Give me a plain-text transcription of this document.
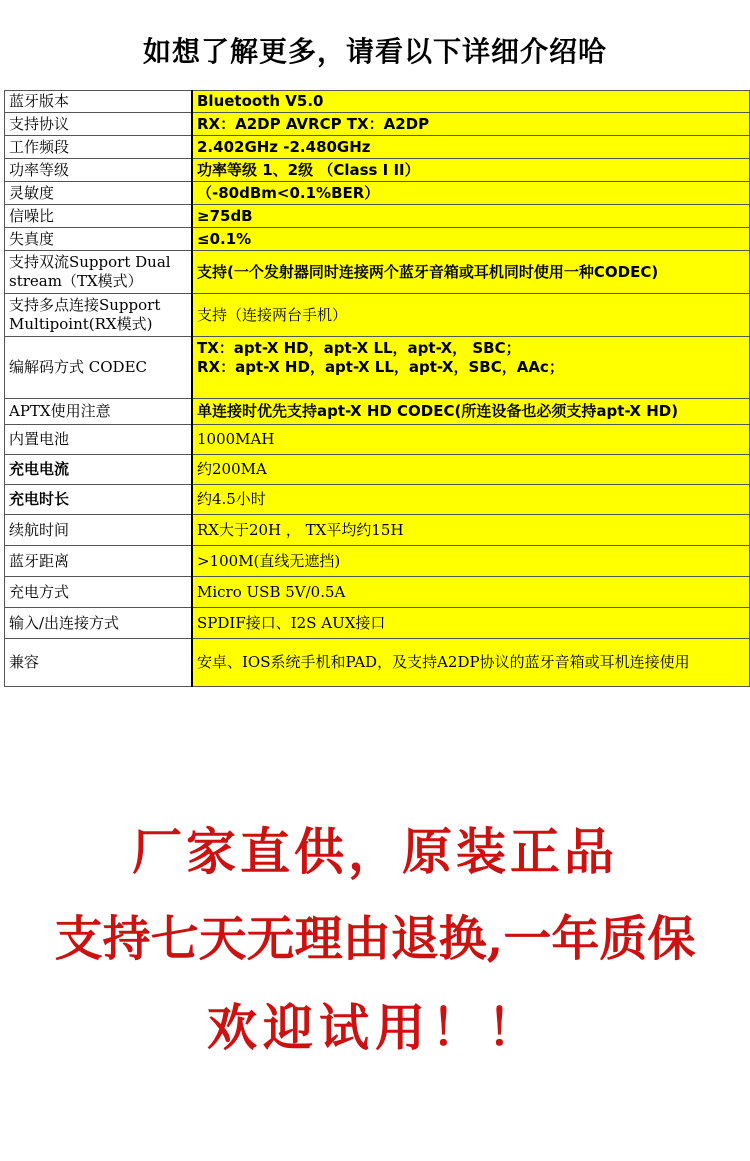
如想了解更多，请看以下详细介绍哈
蓝牙版本	Bluetooth V5.0
支持协议	RX：A2DP AVRCP TX：A2DP
工作频段	2.402GHz -2.480GHz
功率等级	功率等级 1、2级 （Class I II）
灵敏度	（-80dBm<0.1%BER）
信噪比	≥75dB
失真度	≤0.1%
支持双流Support Dual stream（TX模式）	支持(一个发射器同时连接两个蓝牙音箱或耳机同时使用一种CODEC)
支持多点连接Support Multipoint(RX模式)	支持（连接两台手机）
编解码方式 CODEC	TX：apt-X HD，apt-X LL，apt-X， SBC；
RX：apt-X HD，apt-X LL，apt-X，SBC，AAc；

APTX使用注意	单连接时优先支持apt-X HD CODEC(所连设备也必须支持apt-X HD)
内置电池	1000MAH
充电电流	约200MA
充电时长	约4.5小时
续航时间	RX大于20H ， TX平均约15H
蓝牙距离	>100M(直线无遮挡)
充电方式	Micro USB 5V/0.5A
输入/出连接方式	SPDIF接口、I2S AUX接口
兼容	安卓、IOS系统手机和PAD，及支持A2DP协议的蓝牙音箱或耳机连接使用
厂家直供，原装正品
支持七天无理由退换,一年质保
欢迎试用！！
